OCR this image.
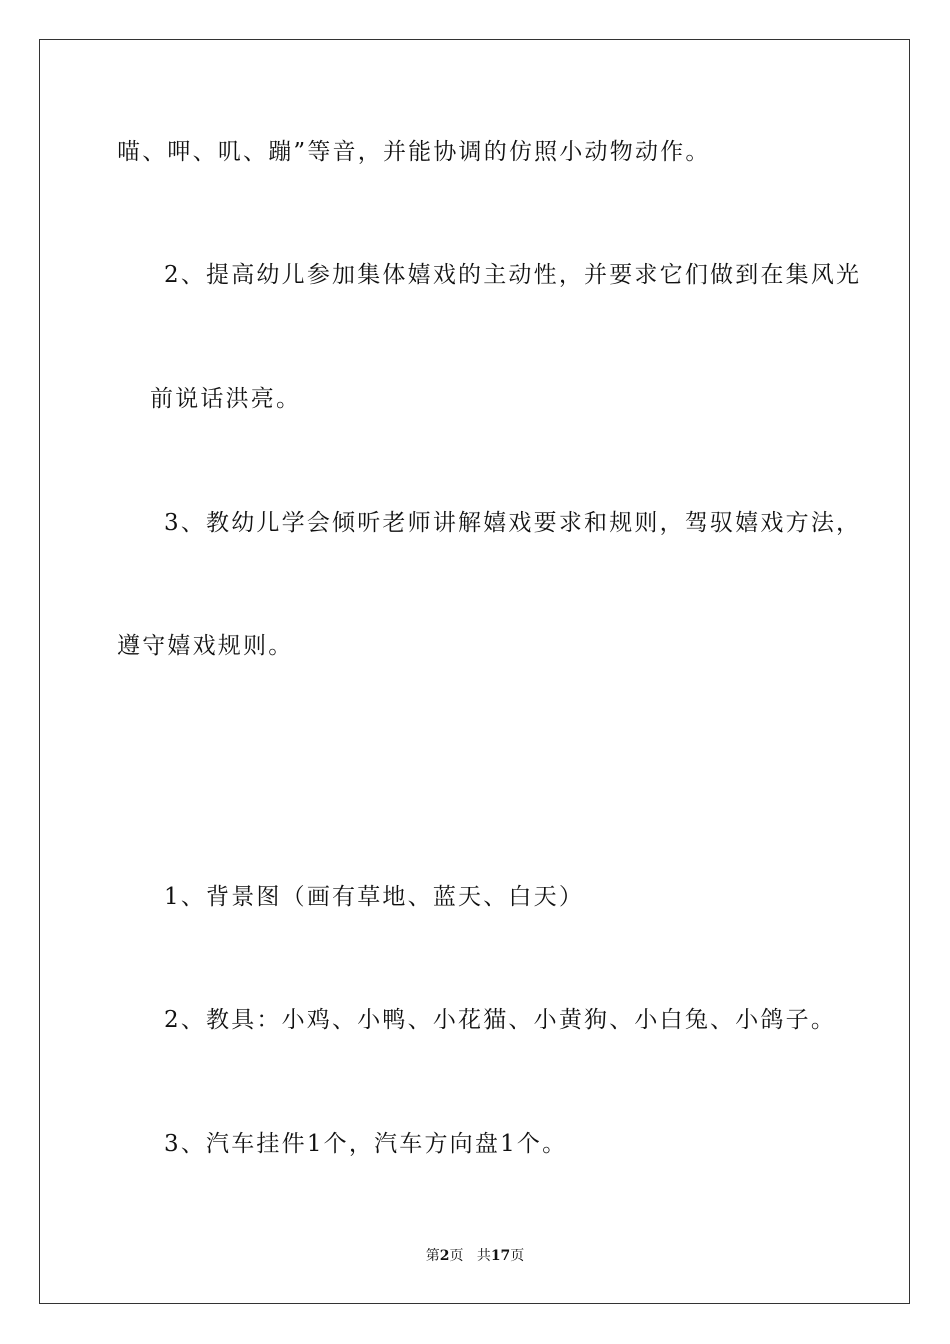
喵、呷、叽、蹦”等音，并能协调的仿照小动物动作。
2、提高幼儿参加集体嬉戏的主动性，并要求它们做到在集风光
前说话洪亮。
3、教幼儿学会倾听老师讲解嬉戏要求和规则，驾驭嬉戏方法，
遵守嬉戏规则。
1、背景图（画有草地、蓝天、白天）
2、教具：小鸡、小鸭、小花猫、小黄狗、小白兔、小鸽子。
3、汽车挂件1个，汽车方向盘1个。
第2页 共17页
